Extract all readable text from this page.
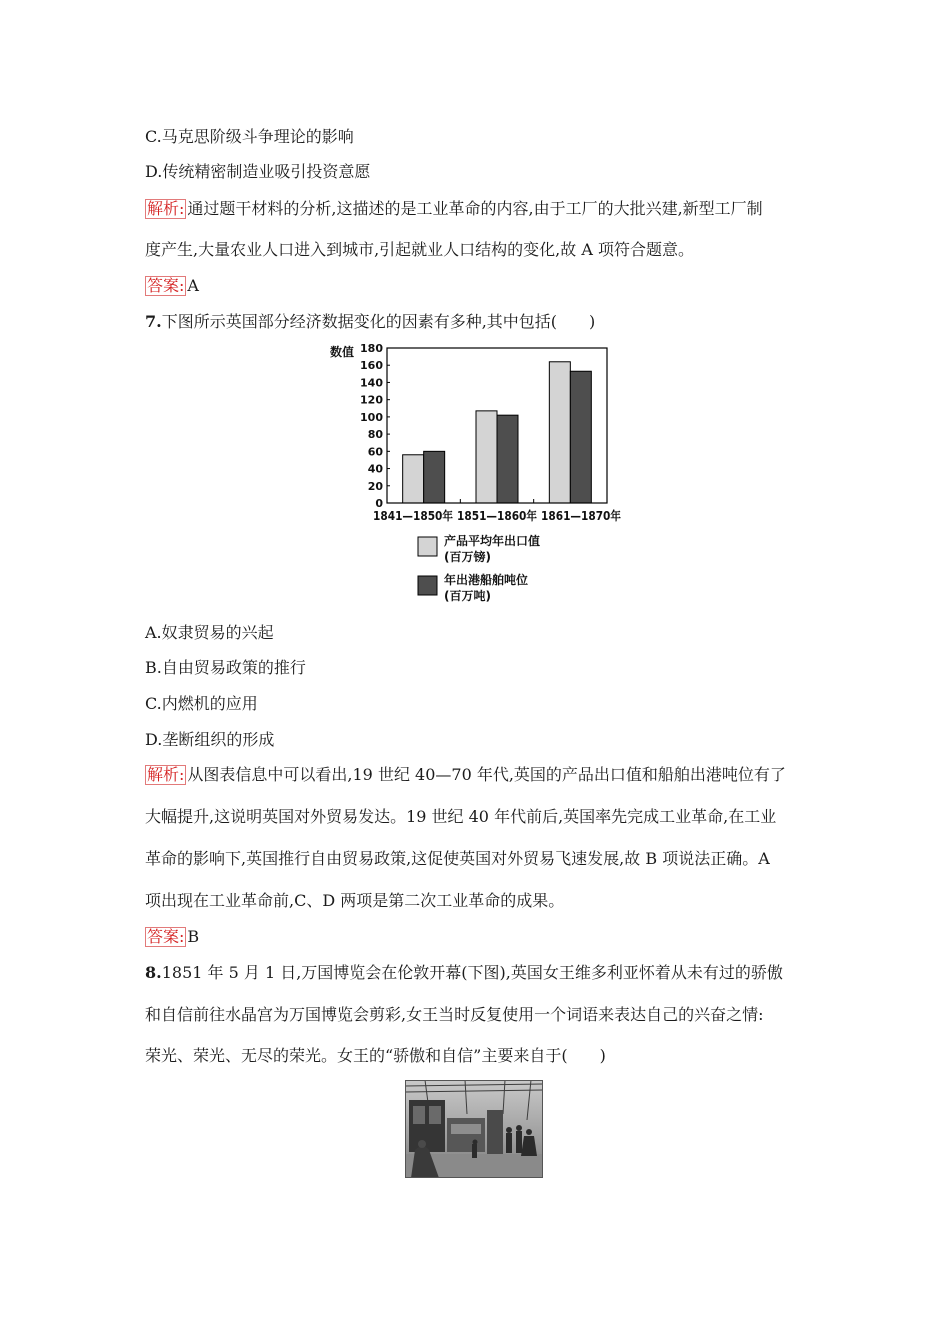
C.马克思阶级斗争理论的影响
D.传统精密制造业吸引投资意愿
解析: 通过题干材料的分析,这描述的是工业革命的内容,由于工厂的大批兴建,新型工厂制
度产生,大量农业人口进入到城市,引起就业人口结构的变化,故 A 项符合题意。
答案: A
7.下图所示英国部分经济数据变化的因素有多种,其中包括(　　)
数值
0
20
40
60
80
100
120
140
160
180
1841—1850年
1851—1860年
1861—1870年
产品平均年出口值
(百万镑)
年出港船舶吨位
(百万吨)
A.奴隶贸易的兴起
B.自由贸易政策的推行
C.内燃机的应用
D.垄断组织的形成
解析: 从图表信息中可以看出,19 世纪 40—70 年代,英国的产品出口值和船舶出港吨位有了
大幅提升,这说明英国对外贸易发达。19 世纪 40 年代前后,英国率先完成工业革命,在工业
革命的影响下,英国推行自由贸易政策,这促使英国对外贸易飞速发展,故 B 项说法正确。A
项出现在工业革命前,C、D 两项是第二次工业革命的成果。
答案: B
8.1851 年 5 月 1 日,万国博览会在伦敦开幕(下图),英国女王维多利亚怀着从未有过的骄傲
和自信前往水晶宫为万国博览会剪彩,女王当时反复使用一个词语来表达自己的兴奋之情:
荣光、荣光、无尽的荣光。女王的“骄傲和自信”主要来自于(　　)
